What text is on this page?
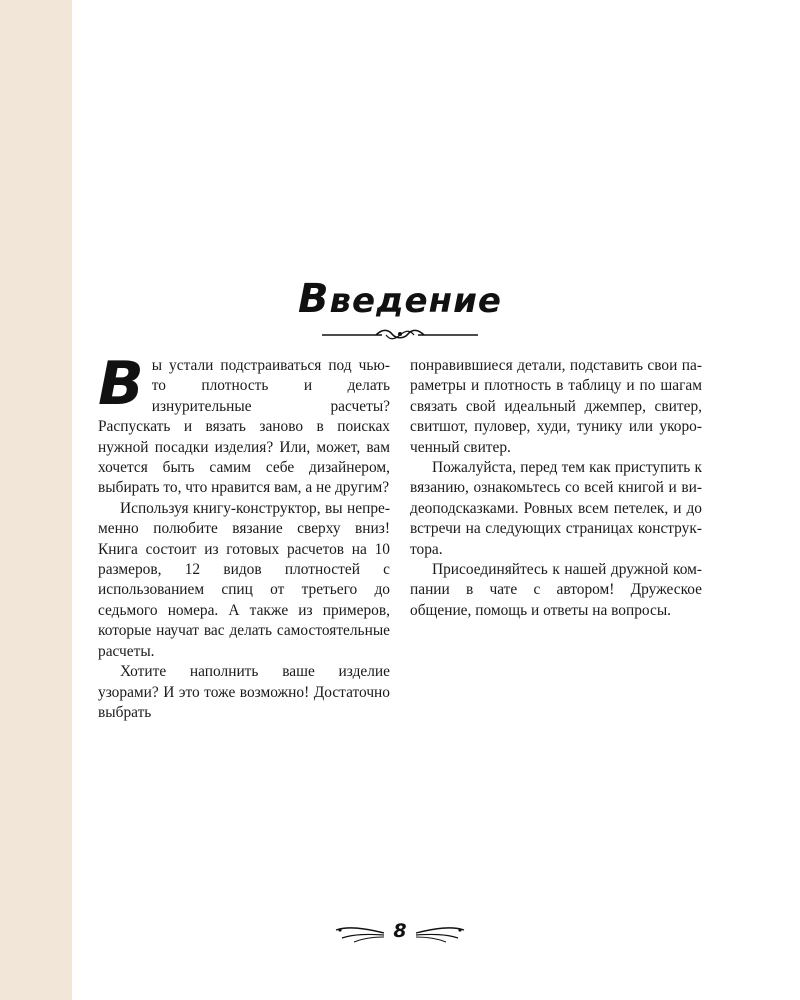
Введение

Вы устали подстраиваться под чью-то плотность и делать изнурительные расчеты? Распускать и вязать заново в поисках нужной посадки изделия? Или, может, вам хочется быть самим себе дизайнером, выбирать то, что нравится вам, а не другим?

Используя книгу-конструктор, вы непременно полюбите вязание сверху вниз! Книга состоит из готовых расчетов на 10 размеров, 12 видов плотностей с использованием спиц от третьего до седьмого номера. А также из примеров, которые научат вас делать самостоятельные расчеты.

Хотите наполнить ваше изделие узорами? И это тоже возможно! Достаточно выбрать

понравившиеся детали, подставить свои параметры и плотность в таблицу и по шагам связать свой идеальный джемпер, свитер, свитшот, пуловер, худи, тунику или укороченный свитер.

Пожалуйста, перед тем как приступить к вязанию, ознакомьтесь со всей книгой и видеоподсказками. Ровных всем петелек, и до встречи на следующих страницах конструктора.

Присоединяйтесь к нашей дружной компании в чате с автором! Дружеское общение, помощь и ответы на вопросы.

8
